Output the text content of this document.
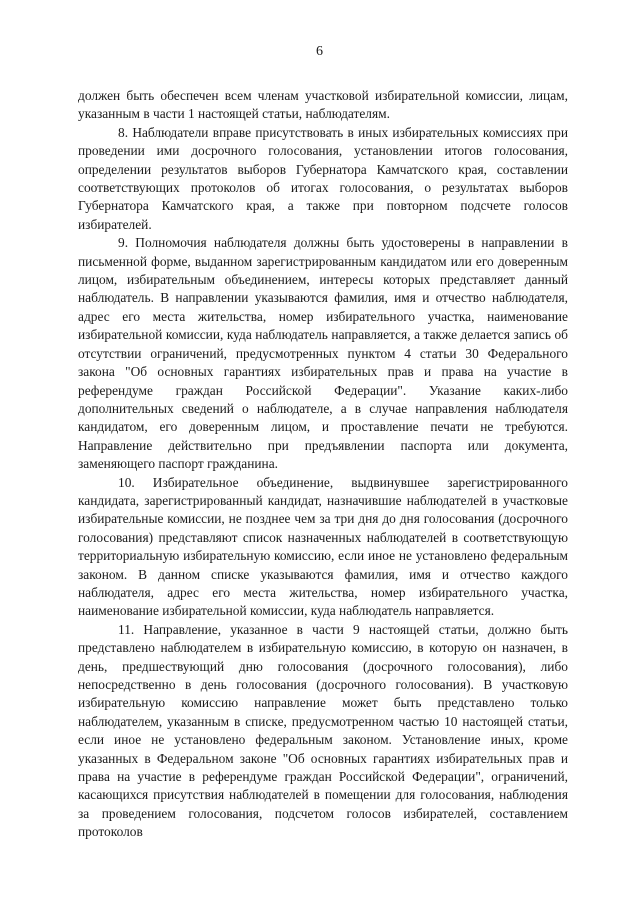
6

должен быть обеспечен всем членам участковой избирательной комиссии, лицам, указанным в части 1 настоящей статьи, наблюдателям.

8. Наблюдатели вправе присутствовать в иных избирательных комиссиях при проведении ими досрочного голосования, установлении итогов голосования, определении результатов выборов Губернатора Камчатского края, составлении соответствующих протоколов об итогах голосования, о результатах выборов Губернатора Камчатского края, а также при повторном подсчете голосов избирателей.

9. Полномочия наблюдателя должны быть удостоверены в направлении в письменной форме, выданном зарегистрированным кандидатом или его доверенным лицом, избирательным объединением, интересы которых представляет данный наблюдатель. В направлении указываются фамилия, имя и отчество наблюдателя, адрес его места жительства, номер избирательного участка, наименование избирательной комиссии, куда наблюдатель направляется, а также делается запись об отсутствии ограничений, предусмотренных пунктом 4 статьи 30 Федерального закона "Об основных гарантиях избирательных прав и права на участие в референдуме граждан Российской Федерации". Указание каких-либо дополнительных сведений о наблюдателе, а в случае направления наблюдателя кандидатом, его доверенным лицом, и проставление печати не требуются. Направление действительно при предъявлении паспорта или документа, заменяющего паспорт гражданина.

10. Избирательное объединение, выдвинувшее зарегистрированного кандидата, зарегистрированный кандидат, назначившие наблюдателей в участковые избирательные комиссии, не позднее чем за три дня до дня голосования (досрочного голосования) представляют список назначенных наблюдателей в соответствующую территориальную избирательную комиссию, если иное не установлено федеральным законом. В данном списке указываются фамилия, имя и отчество каждого наблюдателя, адрес его места жительства, номер избирательного участка, наименование избирательной комиссии, куда наблюдатель направляется.

11. Направление, указанное в части 9 настоящей статьи, должно быть представлено наблюдателем в избирательную комиссию, в которую он назначен, в день, предшествующий дню голосования (досрочного голосования), либо непосредственно в день голосования (досрочного голосования). В участковую избирательную комиссию направление может быть представлено только наблюдателем, указанным в списке, предусмотренном частью 10 настоящей статьи, если иное не установлено федеральным законом. Установление иных, кроме указанных в Федеральном законе "Об основных гарантиях избирательных прав и права на участие в референдуме граждан Российской Федерации", ограничений, касающихся присутствия наблюдателей в помещении для голосования, наблюдения за проведением голосования, подсчетом голосов избирателей, составлением протоколов
